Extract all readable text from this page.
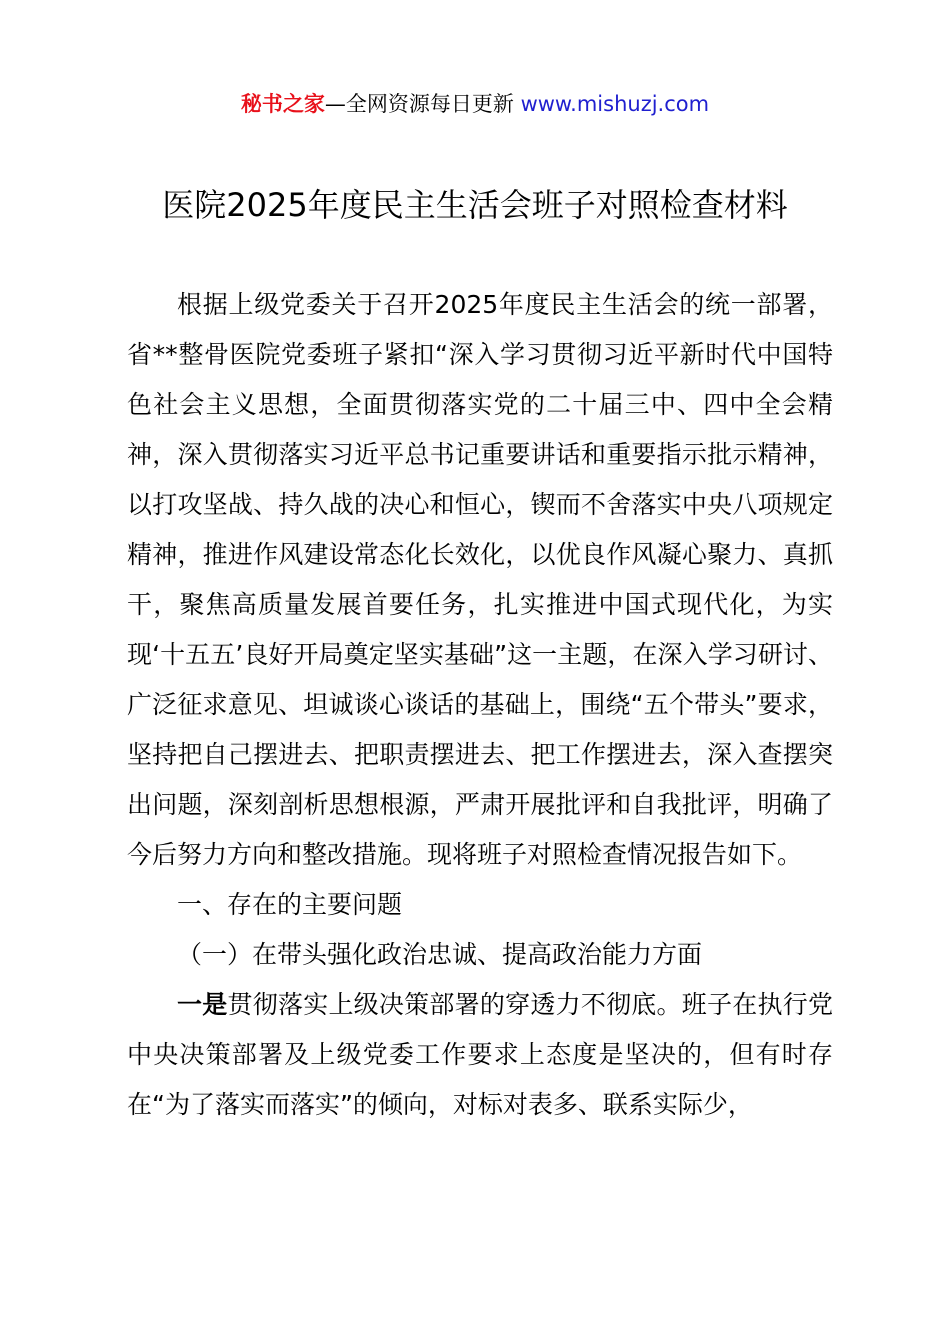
秘书之家—全网资源每日更新 www.mishuzj.com
医院2025年度民主生活会班子对照检查材料

根据上级党委关于召开2025年度民主生活会的统一部署，省**整骨医院党委班子紧扣“深入学习贯彻习近平新时代中国特色社会主义思想，全面贯彻落实党的二十届三中、四中全会精神，深入贯彻落实习近平总书记重要讲话和重要指示批示精神，以打攻坚战、持久战的决心和恒心，锲而不舍落实中央八项规定精神，推进作风建设常态化长效化，以优良作风凝心聚力、真抓干，聚焦高质量发展首要任务，扎实推进中国式现代化，为实现‘十五五’良好开局奠定坚实基础”这一主题，在深入学习研讨、广泛征求意见、坦诚谈心谈话的基础上，围绕“五个带头”要求，坚持把自己摆进去、把职责摆进去、把工作摆进去，深入查摆突出问题，深刻剖析思想根源，严肃开展批评和自我批评，明确了今后努力方向和整改措施。现将班子对照检查情况报告如下。

一、存在的主要问题

（一）在带头强化政治忠诚、提高政治能力方面

一是贯彻落实上级决策部署的穿透力不彻底。班子在执行党中央决策部署及上级党委工作要求上态度是坚决的，但有时存在“为了落实而落实”的倾向，对标对表多、联系实际少，
